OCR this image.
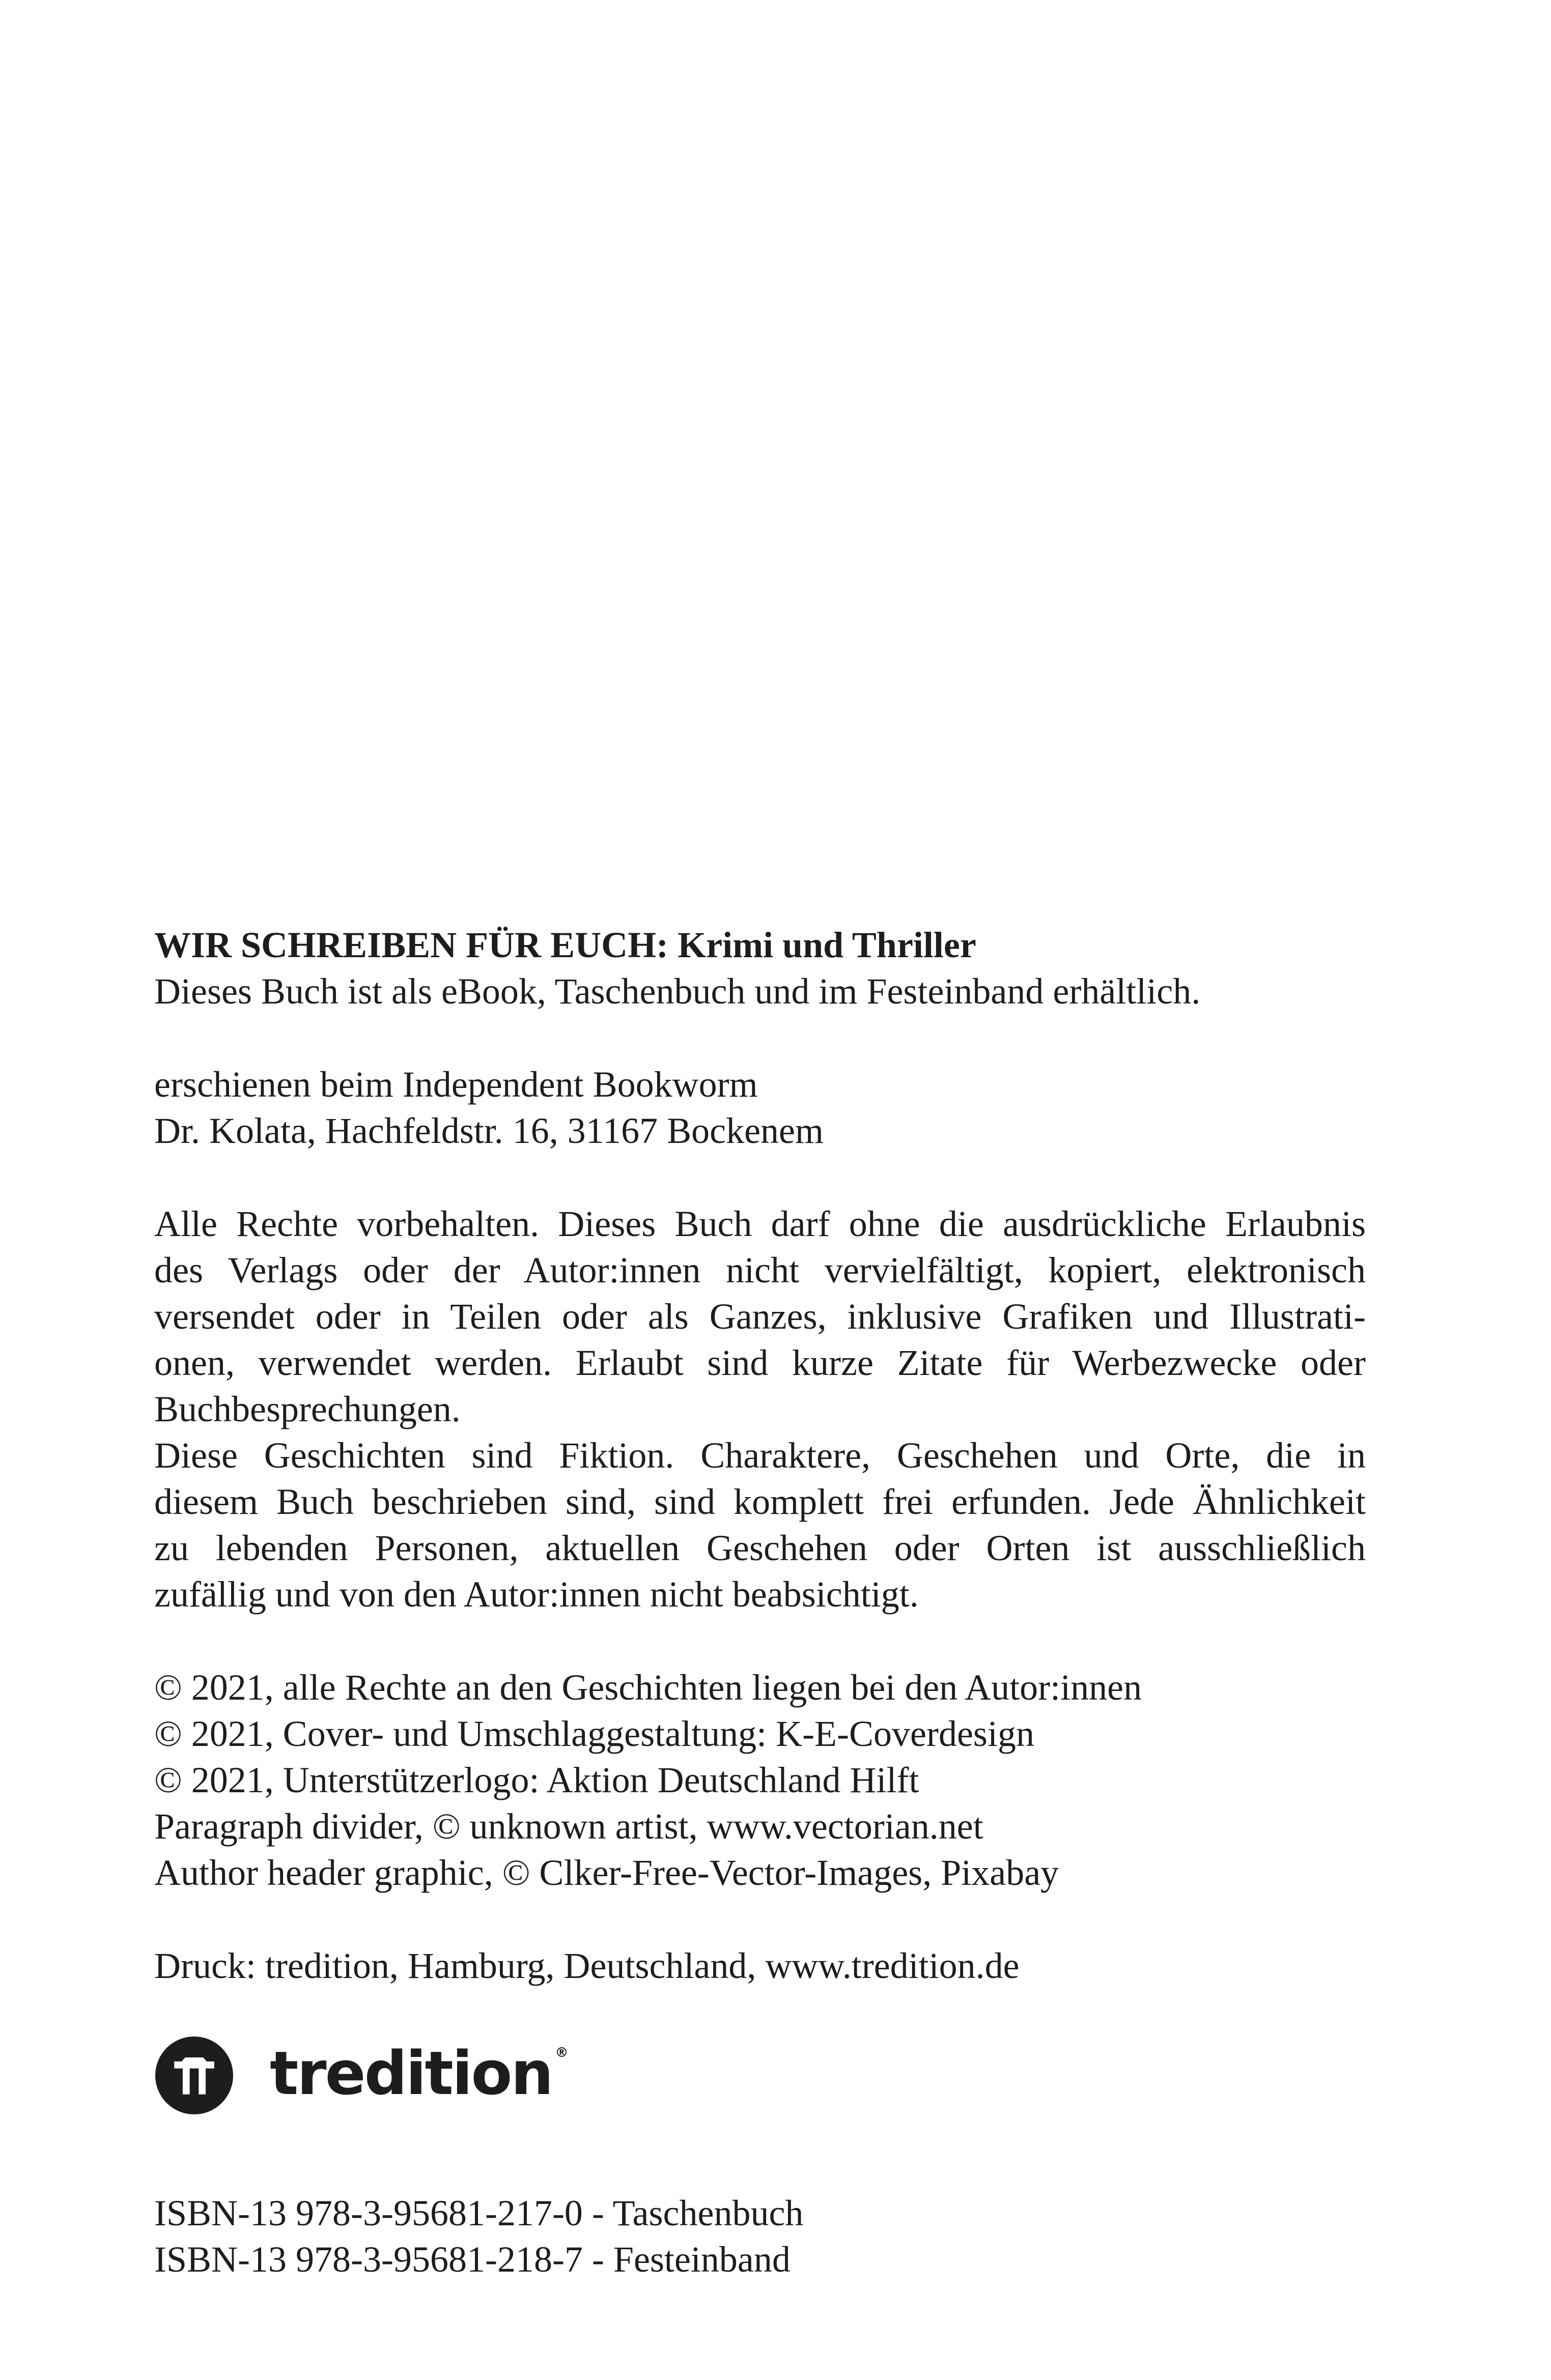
WIR SCHREIBEN FÜR EUCH: Krimi und Thriller
Dieses Buch ist als eBook, Taschenbuch und im Festeinband erhältlich.
erschienen beim Independent Bookworm
Dr. Kolata, Hachfeldstr. 16, 31167 Bockenem
Alle Rechte vorbehalten. Dieses Buch darf ohne die ausdrückliche Erlaubnis
des Verlags oder der Autor:innen nicht vervielfältigt, kopiert, elektronisch
versendet oder in Teilen oder als Ganzes, inklusive Grafiken und Illustrati-
onen, verwendet werden. Erlaubt sind kurze Zitate für Werbezwecke oder
Buchbesprechungen.
Diese Geschichten sind Fiktion. Charaktere, Geschehen und Orte, die in
diesem Buch beschrieben sind, sind komplett frei erfunden. Jede Ähnlichkeit
zu lebenden Personen, aktuellen Geschehen oder Orten ist ausschließlich
zufällig und von den Autor:innen nicht beabsichtigt.
© 2021, alle Rechte an den Geschichten liegen bei den Autor:innen
© 2021, Cover- und Umschlaggestaltung: K-E-Coverdesign
© 2021, Unterstützerlogo: Aktion Deutschland Hilft
Paragraph divider, © unknown artist, www.vectorian.net
Author header graphic, © Clker-Free-Vector-Images, Pixabay
Druck: tredition, Hamburg, Deutschland, www.tredition.de
tredition ®
ISBN-13 978-3-95681-217-0 - Taschenbuch
ISBN-13 978-3-95681-218-7 - Festeinband
